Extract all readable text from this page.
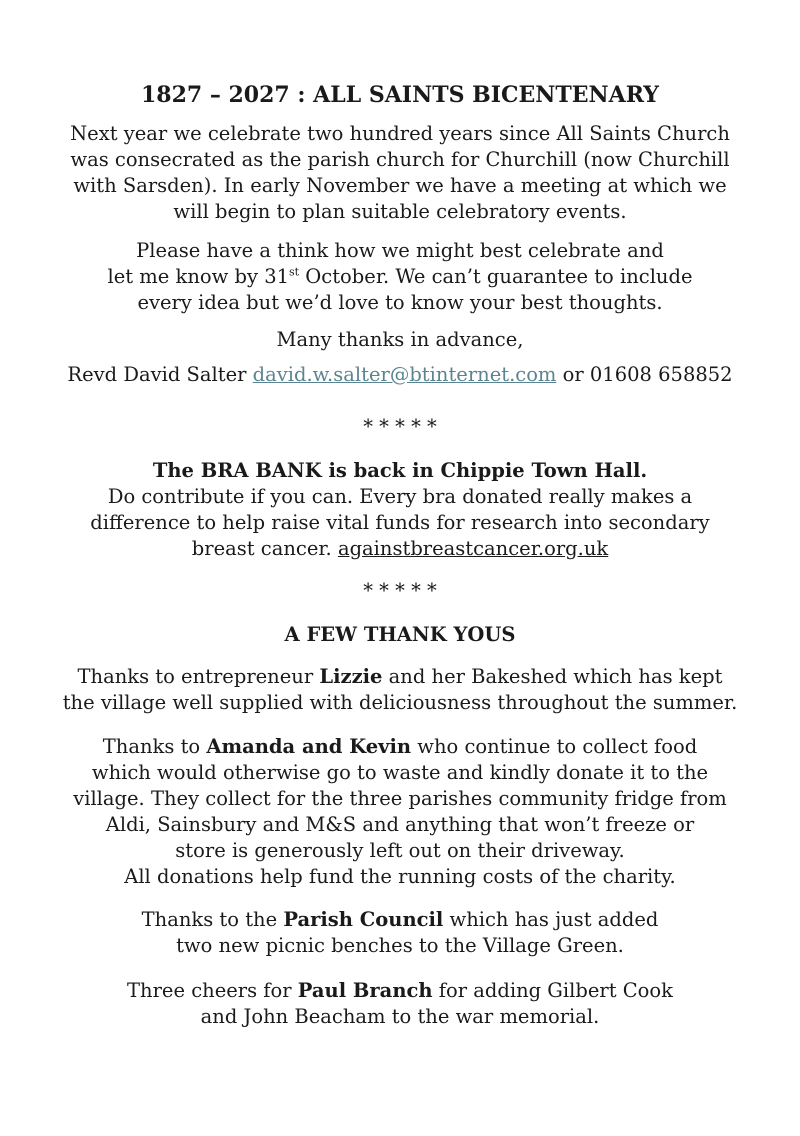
1827 – 2027 : ALL SAINTS BICENTENARY

Next year we celebrate two hundred years since All Saints Church
was consecrated as the parish church for Churchill (now Churchill
with Sarsden). In early November we have a meeting at which we
will begin to plan suitable celebratory events.

Please have a think how we might best celebrate and
let me know by 31st October. We can’t guarantee to include
every idea but we’d love to know your best thoughts.

Many thanks in advance,

Revd David Salter david.w.salter@btinternet.com or 01608 658852

* * * * *

The BRA BANK is back in Chippie Town Hall.

Do contribute if you can. Every bra donated really makes a
difference to help raise vital funds for research into secondary
breast cancer. againstbreastcancer.org.uk

* * * * *

A FEW THANK YOUS

Thanks to entrepreneur Lizzie and her Bakeshed which has kept
the village well supplied with deliciousness throughout the summer.

Thanks to Amanda and Kevin who continue to collect food
which would otherwise go to waste and kindly donate it to the
village. They collect for the three parishes community fridge from
Aldi, Sainsbury and M&S and anything that won’t freeze or
store is generously left out on their driveway.
All donations help fund the running costs of the charity.

Thanks to the Parish Council which has just added
two new picnic benches to the Village Green.

Three cheers for Paul Branch for adding Gilbert Cook
and John Beacham to the war memorial.
